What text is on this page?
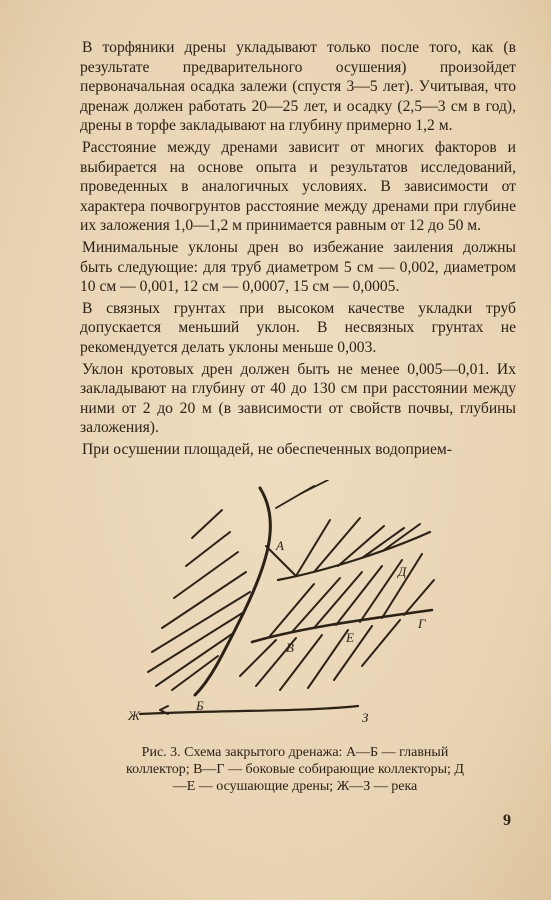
В торфяники дрены укладывают только после того, как (в результате предварительного осушения) произойдет первоначальная осадка залежи (спустя 3—5 лет). Учитывая, что дренаж должен работать 20—25 лет, и осадку (2,5—3 см в год), дрены в торфе закладывают на глубину примерно 1,2 м.

Расстояние между дренами зависит от многих факторов и выбирается на основе опыта и результатов исследований, проведенных в аналогичных условиях. В зависимости от характера почвогрунтов расстояние между дренами при глубине их заложения 1,0—1,2 м принимается равным от 12 до 50 м.

Минимальные уклоны дрен во избежание заиления должны быть следующие: для труб диаметром 5 см — 0,002, диаметром 10 см — 0,001, 12 см — 0,0007, 15 см — 0,0005.

В связных грунтах при высоком качестве укладки труб допускается меньший уклон. В несвязных грунтах не рекомендуется делать уклоны меньше 0,003.

Уклон кротовых дрен должен быть не менее 0,005—0,01. Их закладывают на глубину от 40 до 130 см при расстоянии между ними от 2 до 20 м (в зависимости от свойств почвы, глубины заложения).

При осушении площадей, не обеспеченных водоприем-

А
Б
В
Г
Д
Е
Ж	З
Рис. 3. Схема закрытого дренажа: А—Б — главный коллектор; В—Г — боковые собирающие коллекторы; Д—Е — осушающие дрены; Ж—З — река
9
